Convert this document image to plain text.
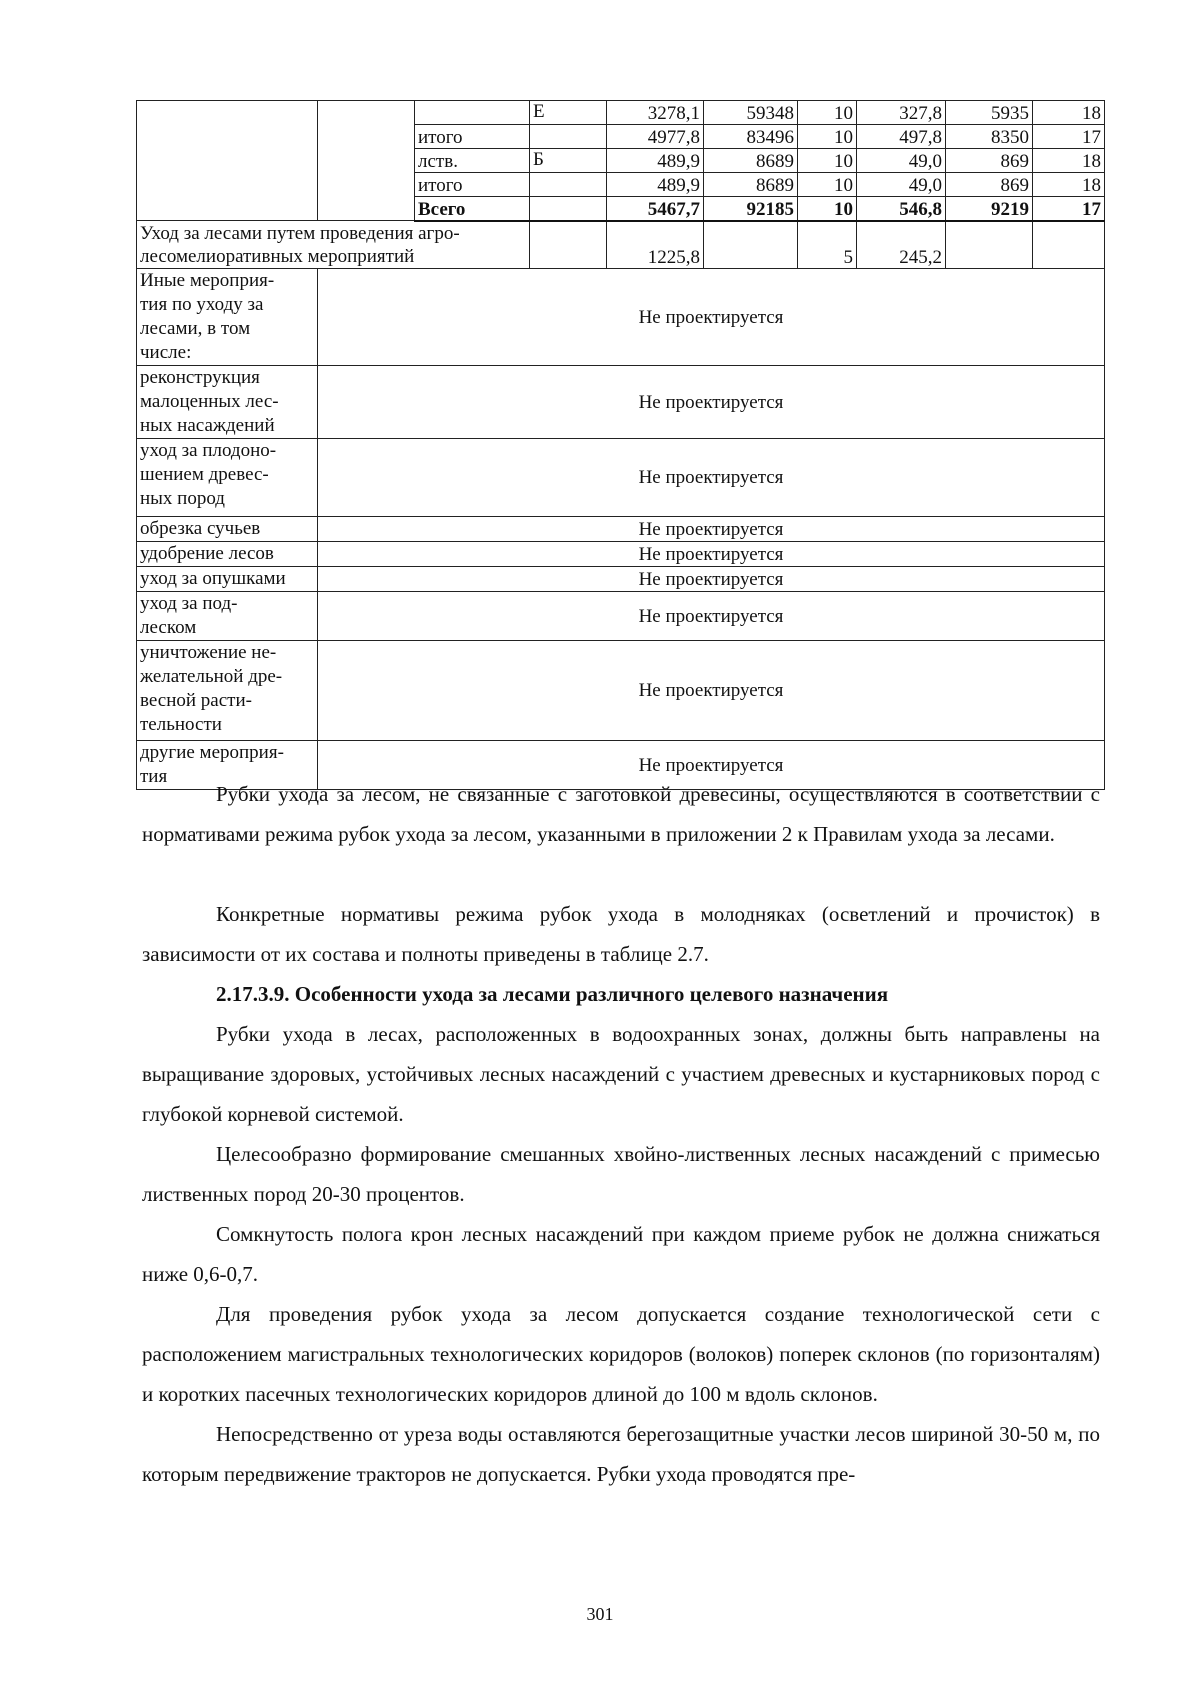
			Е	3278,1	59348	10	327,8	5935	18
		итого		4977,8	83496	10	497,8	8350	17
		лств.	Б	489,9	8689	10	49,0	869	18
		итого		489,9	8689	10	49,0	869	18
		Всего		5467,7	92185	10	546,8	9219	17
Уход за лесами путем проведения агро-
лесомелиоративных мероприятий				1225,8		5	245,2		
Иные мероприя-
тия по уходу за
лесами, в том
числе:	Не проектируется								
реконструкция
малоценных лес-
ных насаждений	Не проектируется								
уход за плодоно-
шением древес-
ных пород	Не проектируется								
обрезка сучьев	Не проектируется								
удобрение лесов	Не проектируется								
уход за опушками	Не проектируется								
уход за под-
леском	Не проектируется								
уничтожение не-
желательной дре-
весной расти-
тельности	Не проектируется								
другие мероприя-
тия	Не проектируется								

Рубки ухода за лесом, не связанные с заготовкой древесины, осуществляются в соответствии с нормативами режима рубок ухода за лесом, указанными в приложении 2 к Правилам ухода за лесами.

Конкретные нормативы режима рубок ухода в молодняках (осветлений и прочисток) в зависимости от их состава и полноты приведены в таблице 2.7.

2.17.3.9. Особенности ухода за лесами различного целевого назначения

Рубки ухода в лесах, расположенных в водоохранных зонах, должны быть направлены на выращивание здоровых, устойчивых лесных насаждений с участием древесных и кустарниковых пород с глубокой корневой системой.

Целесообразно формирование смешанных хвойно-лиственных лесных насаждений с примесью лиственных пород 20-30 процентов.

Сомкнутость полога крон лесных насаждений при каждом приеме рубок не должна снижаться ниже 0,6-0,7.

Для проведения рубок ухода за лесом допускается создание технологической сети с расположением магистральных технологических коридоров (волоков) поперек склонов (по горизонталям) и коротких пасечных технологических коридоров длиной до 100 м вдоль склонов.

Непосредственно от уреза воды оставляются берегозащитные участки лесов шириной 30-50 м, по которым передвижение тракторов не допускается. Рубки ухода проводятся пре-

301
